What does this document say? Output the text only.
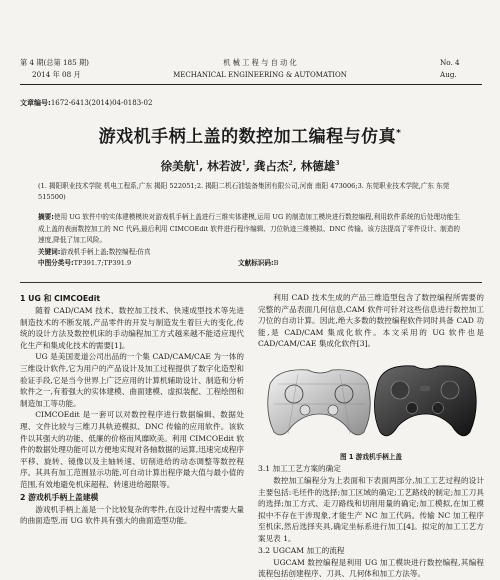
第 4 期(总第 185 期)
2014 年 08 月
机 械 工 程 与 自 动 化
MECHANICAL ENGINEERING & AUTOMATION
No. 4
Aug.
文章编号:1672-6413(2014)04-0183-02
游戏机手柄上盖的数控加工编程与仿真*
徐美航$^1$, 林若波$^1$, 龚占杰$^2$, 林德雄$^3$
(1. 揭阳职业技术学院 机电工程系,广东 揭阳 522051;2. 揭阳二机石油装备集团有限公司,河南 南阳 473006;3. 东莞职业技术学院,广东 东莞 515500)
摘要:使用 UG 软件中的实体建模模块对游戏机手柄上盖进行三维实体建模,运用 UG 的制造加工模块进行数控编程,利用软件系统的后处理功能生成上盖的表面数控加工的 NC 代码,最后利用 CIMCOEdit 软件进行程序编辑、刀位轨迹三维模拟、DNC 传输。该方法提高了零件设计、制造的速度,降低了加工风险。
关键词:游戏机手柄上盖;数控编程;仿真
中图分类号:TP391.7;TP391.9	文献标识码:B
1 UG 和 CIMCOEdit

随着 CAD/CAM 技术、数控加工技术、快速成型技术等先进制造技术的不断发展,产品零件的开发与制造发生着巨大的变化,传统的设计方法及数控机床的手动编程加工方式越来越不能适应现代化生产和集成化技术的需要[1]。

UG 是美国麦道公司出品的一个集 CAD/CAM/CAE 为一体的三维设计软件,它为用户的产品设计及加工过程提供了数字化造型和验证手段,它是当今世界上广泛应用的计算机辅助设计、制造和分析软件之一,有着强大的实体建模、曲面建模、虚拟装配、工程绘图和制造加工等功能。

CIMCOEdit 是一套可以对数控程序进行数据编辑、数据处理、文件比较与三维刀具轨迹模拟、DNC 传输的应用软件。该软件以其强大的功能、低廉的价格而风靡欧美。利用 CIMCOEdit 软件的数据处理功能可以方便地实现对各轴数据的运算,迅速完成程序平移、旋转、镜像以及主轴转速、切削进给的动态调整等数控程序。其具有加工范围显示功能,可自动计算出程序最大值与最小值的范围,有效地避免机床超程、转速进给超限等。

2 游戏机手柄上盖建模

游戏机手柄上盖是一个比较复杂的零件,在设计过程中需要大量的曲面造型,而 UG 软件具有强大的曲面造型功能。

利用 CAD 技术生成的产品三维造型包含了数控编程所需要的完整的产品表面几何信息,CAM 软件可针对这些信息进行数控加工刀位的自动计算。因此,绝大多数的数控编程软件同时具备 CAD 功能,是 CAD/CAM 集成化软件。本文采用的 UG 软件也是 CAD/CAM/CAE 集成化软件[3]。

图 1 游戏机手柄上盖
3.1 加工工艺方案的确定

数控加工编程分为上表面和下表面两部分,加工工艺过程的设计主要包括:毛坯件的选择;加工区域的确定;工艺路线的制定;加工刀具的选择;加工方式、走刀路线和切削用量的确定;加工模拟,在加工模拟中不存在干涉现象,才能生产 NC 加工代码。传输 NC 加工程序至机床,然后选择夹具,确定坐标系进行加工[4]。拟定的加工工艺方案见表 1。

3.2 UGCAM 加工的流程

UGCAM 数控编程是利用 UG 加工模块进行数控编程,其编程流程包括创建程序、刀具、几何体和加工方法等。
